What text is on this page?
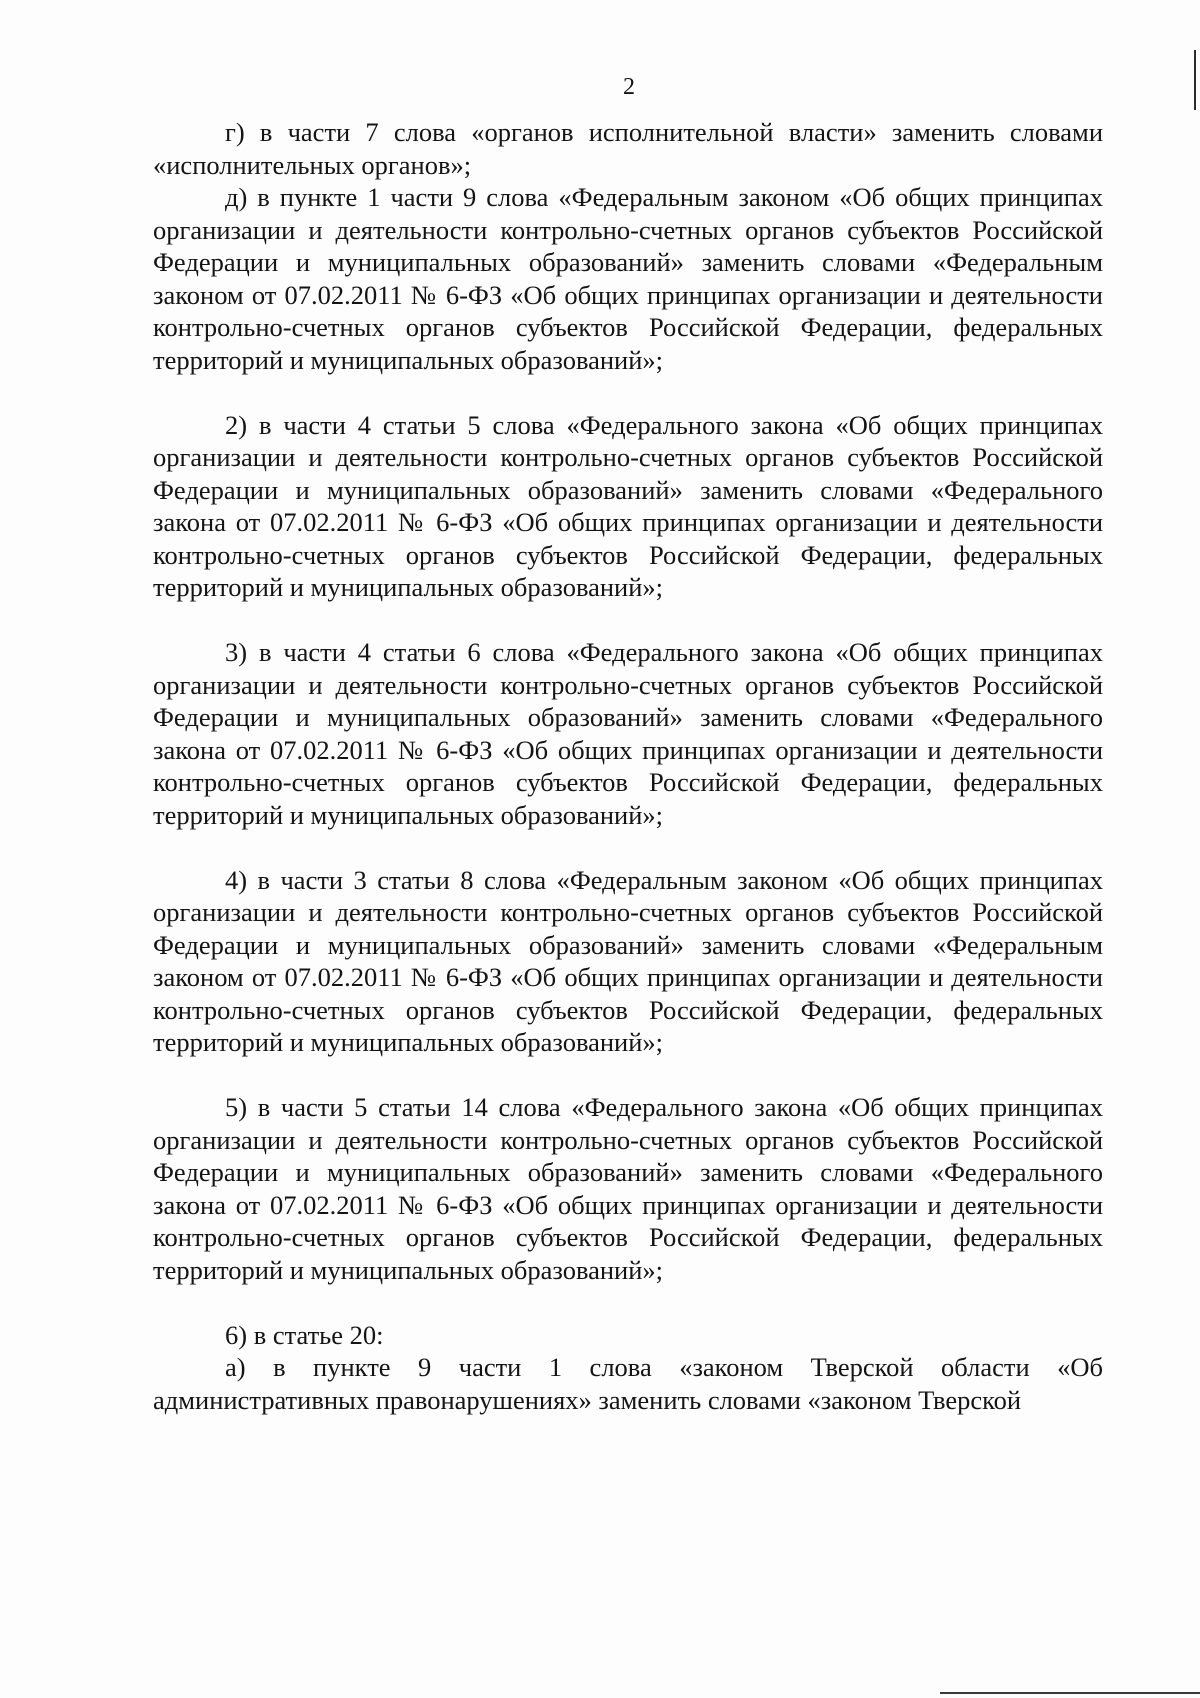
2

г) в части 7 слова «органов исполнительной власти» заменить словами «исполнительных органов»;

д) в пункте 1 части 9 слова «Федеральным законом «Об общих принципах организации и деятельности контрольно-счетных органов субъектов Российской Федерации и муниципальных образований» заменить словами «Федеральным законом от 07.02.2011 № 6-ФЗ «Об общих принципах организации и деятельности контрольно-счетных органов субъектов Российской Федерации, федеральных территорий и муниципальных образований»;

2) в части 4 статьи 5 слова «Федерального закона «Об общих принципах организации и деятельности контрольно-счетных органов субъектов Российской Федерации и муниципальных образований» заменить словами «Федерального закона от 07.02.2011 № 6-ФЗ «Об общих принципах организации и деятельности контрольно-счетных органов субъектов Российской Федерации, федеральных территорий и муниципальных образований»;

3) в части 4 статьи 6 слова «Федерального закона «Об общих принципах организации и деятельности контрольно-счетных органов субъектов Российской Федерации и муниципальных образований» заменить словами «Федерального закона от 07.02.2011 № 6-ФЗ «Об общих принципах организации и деятельности контрольно-счетных органов субъектов Российской Федерации, федеральных территорий и муниципальных образований»;

4) в части 3 статьи 8 слова «Федеральным законом «Об общих принципах организации и деятельности контрольно-счетных органов субъектов Российской Федерации и муниципальных образований» заменить словами «Федеральным законом от 07.02.2011 № 6-ФЗ «Об общих принципах организации и деятельности контрольно-счетных органов субъектов Российской Федерации, федеральных территорий и муниципальных образований»;

5) в части 5 статьи 14 слова «Федерального закона «Об общих принципах организации и деятельности контрольно-счетных органов субъектов Российской Федерации и муниципальных образований» заменить словами «Федерального закона от 07.02.2011 № 6-ФЗ «Об общих принципах организации и деятельности контрольно-счетных органов субъектов Российской Федерации, федеральных территорий и муниципальных образований»;

6) в статье 20:

а) в пункте 9 части 1 слова «законом Тверской области «Об административных правонарушениях» заменить словами «законом Тверской
